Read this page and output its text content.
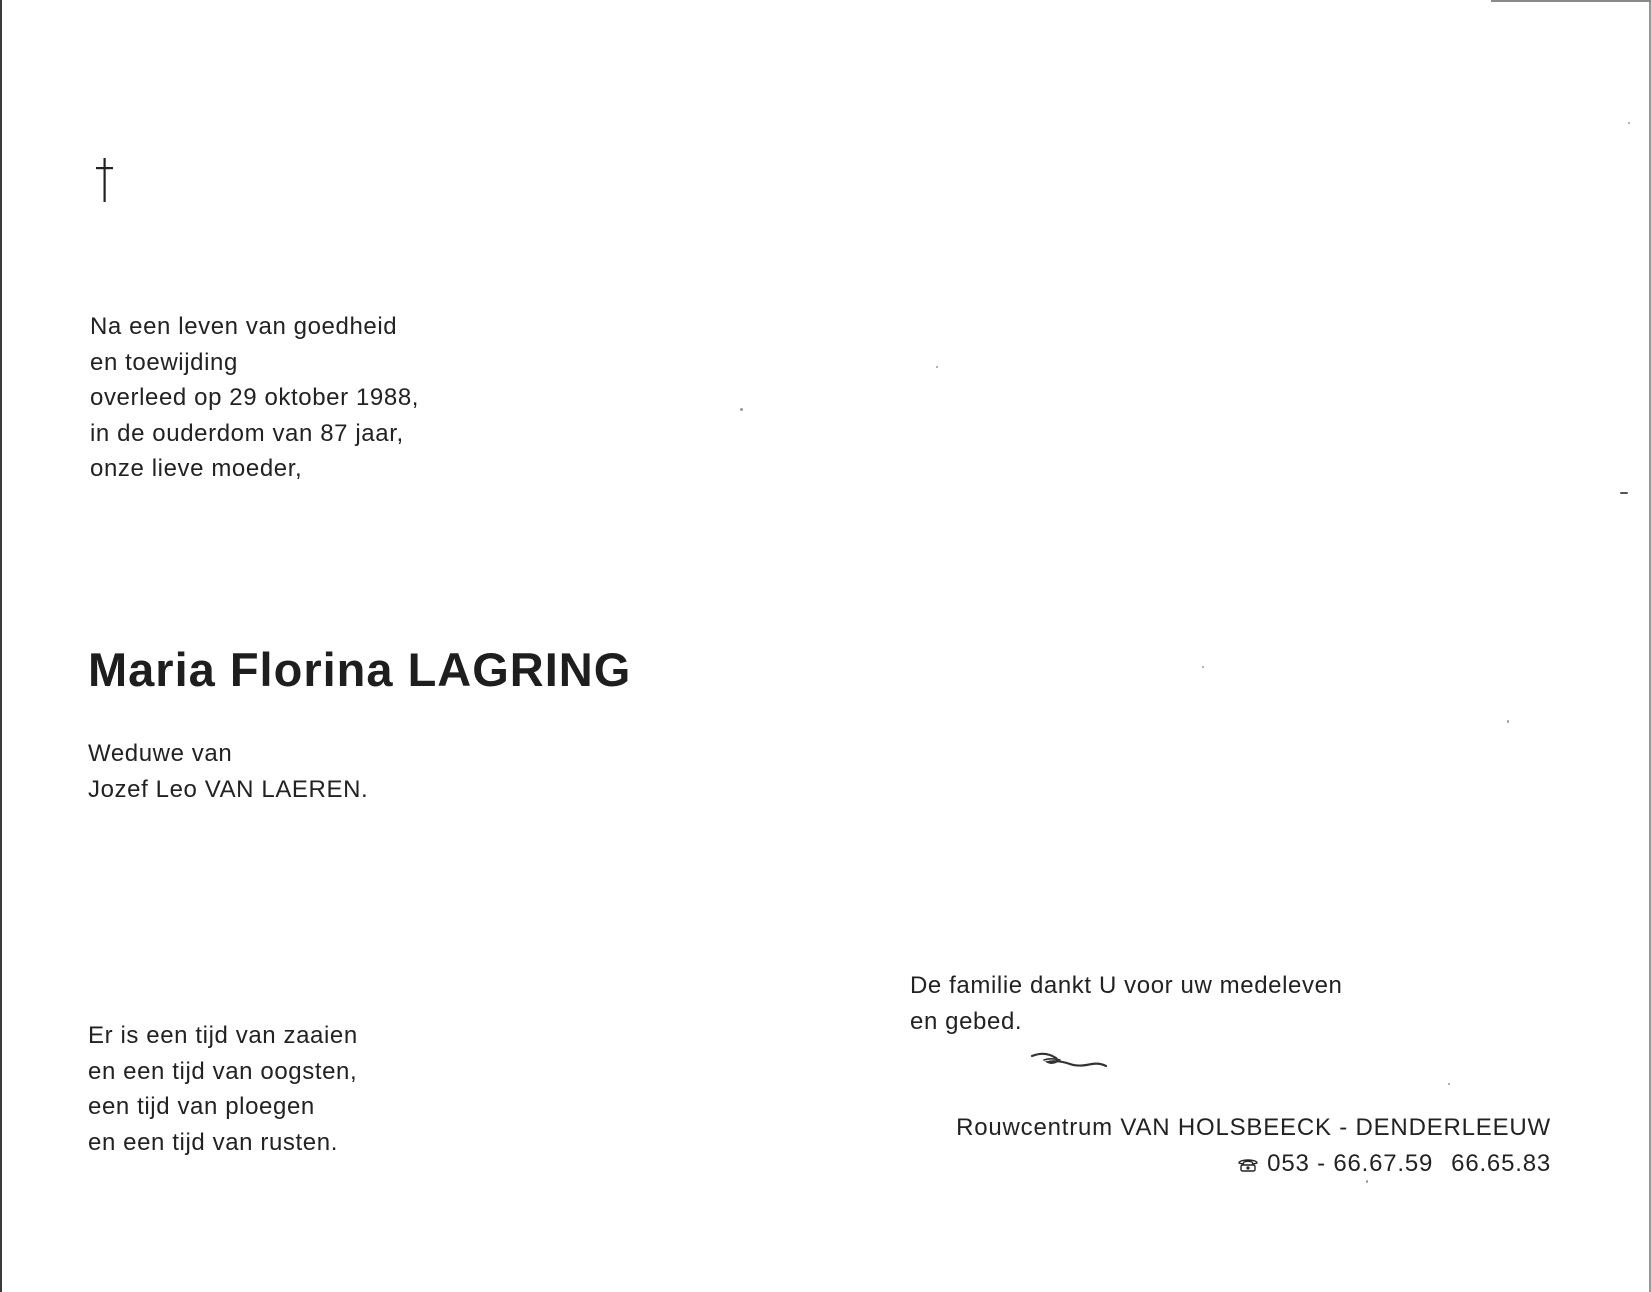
Na een leven van goedheid
en toewijding
overleed op 29 oktober 1988,
in de ouderdom van 87 jaar,
onze lieve moeder,
Maria Florina LAGRING
Weduwe van
Jozef Leo VAN LAEREN.
Er is een tijd van zaaien
en een tijd van oogsten,
een tijd van ploegen
en een tijd van rusten.
De familie dankt U voor uw medeleven
en gebed.
Rouwcentrum VAN HOLSBEECK - DENDERLEEUW
053 - 66.67.59 66.65.83
